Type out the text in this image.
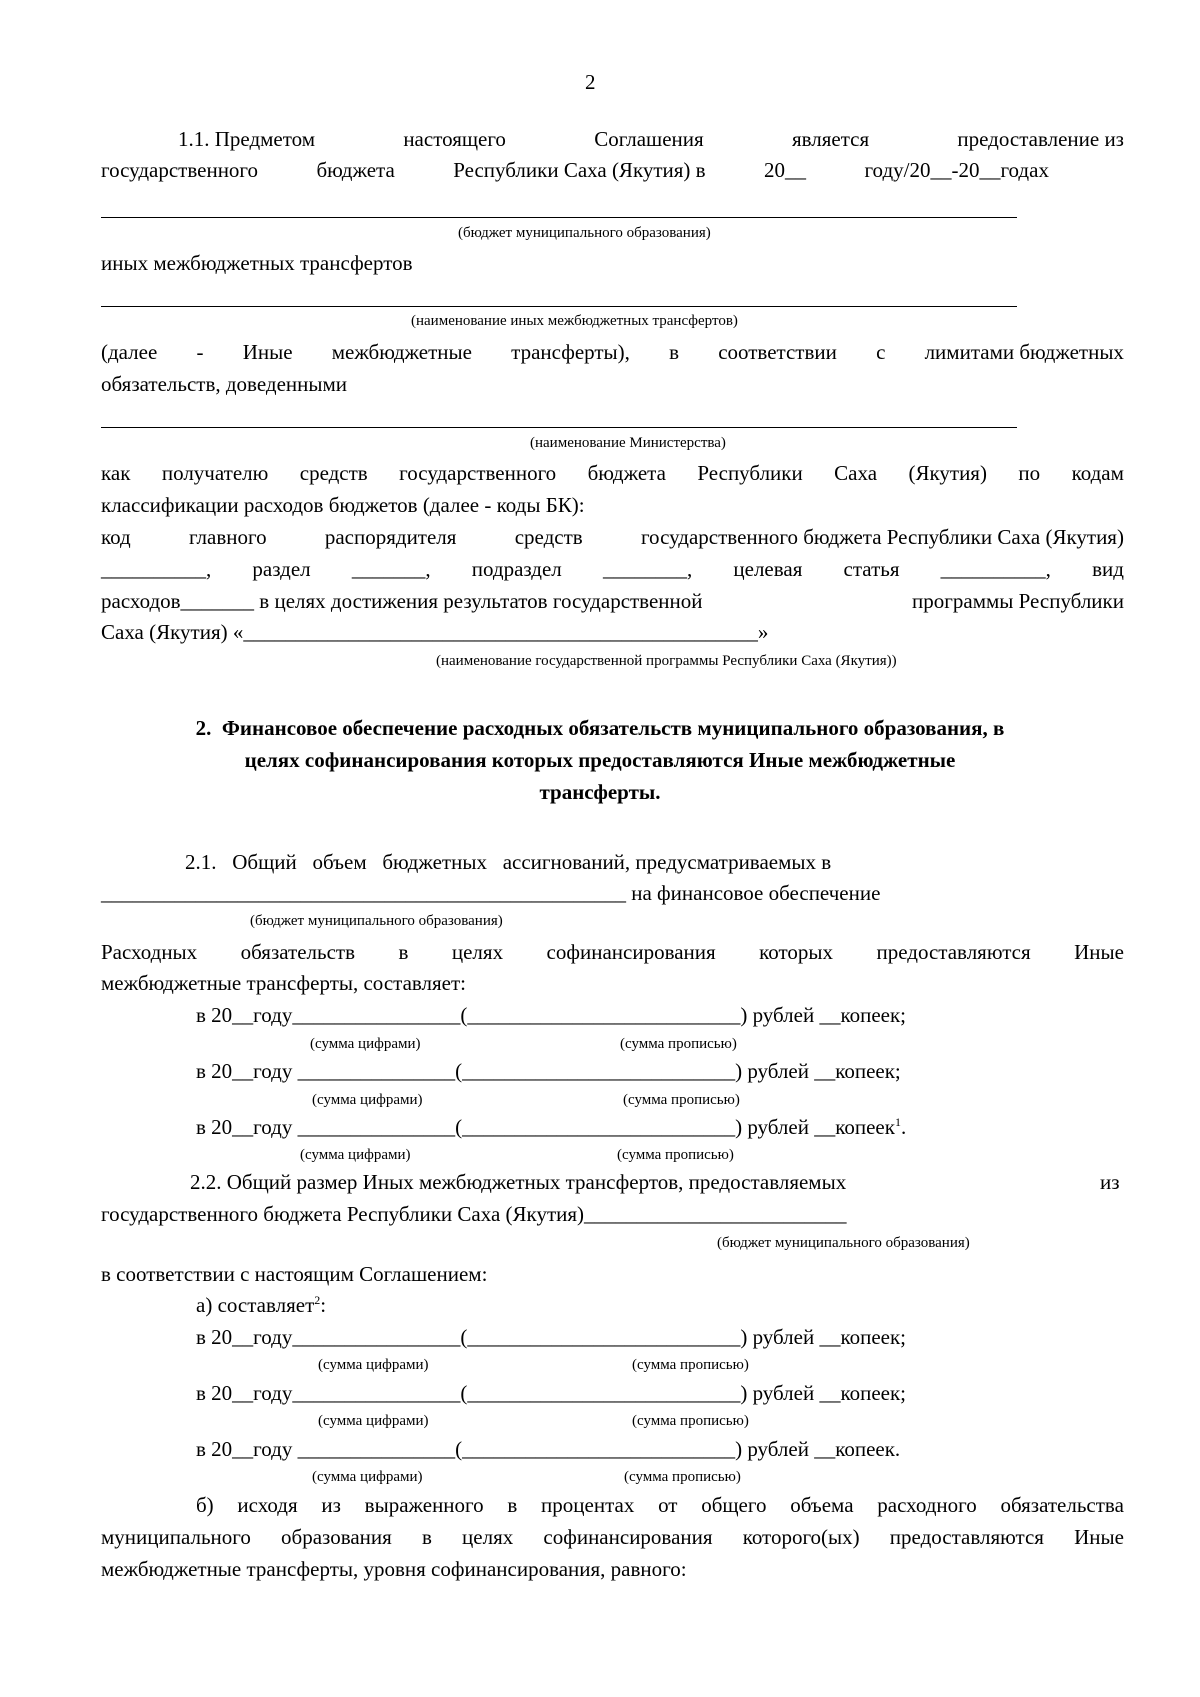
2
1.1. Предметом	настоящего	Соглашения	является	предоставление из
государственного	бюджета	Республики Саха (Якутия) в	20__	году/20__-20__годах
(бюджет муниципального образования)
иных межбюджетных трансфертов
(наименование иных межбюджетных трансфертов)
(далее - Иные межбюджетные трансферты), в соответствии с лимитами бюджетных
обязательств, доведенными
(наименование Министерства)
как получателю средств государственного бюджета Республики Саха (Якутия) по кодам
классификации расходов бюджетов (далее - коды БК):
код	главного	распорядителя	средств	государственного бюджета Республики Саха (Якутия)
__________, раздел _______, подраздел ________, целевая статья __________, вид
расходов_______ в целях достижения результатов государственной	программы Республики
Саха (Якутия) «_________________________________________________»
(наименование государственной программы Республики Саха (Якутия))
2.  Финансовое обеспечение расходных обязательств муниципального образования, в
целях софинансирования которых предоставляются Иные межбюджетные
трансферты.
2.1.   Общий   объем   бюджетных   ассигнований, предусматриваемых в
__________________________________________________ на финансовое обеспечение
(бюджет муниципального образования)
Расходных обязательств в целях софинансирования которых предоставляются Иные
межбюджетные трансферты, составляет:
в 20__году________________(__________________________) рублей __копеек;
(сумма цифрами)	(сумма прописью)
в 20__году _______________(__________________________) рублей __копеек;
(сумма цифрами)	(сумма прописью)
в 20__году _______________(__________________________) рублей __копеек$^1$.
(сумма цифрами)	(сумма прописью)
2.2. Общий размер Иных межбюджетных трансфертов, предоставляемых	из
государственного бюджета Республики Саха (Якутия)_________________________
(бюджет муниципального образования)
в соответствии с настоящим Соглашением:
а) составляет$^2$:
в 20__году________________(__________________________) рублей __копеек;
(сумма цифрами)	(сумма прописью)
в 20__году________________(__________________________) рублей __копеек;
(сумма цифрами)	(сумма прописью)
в 20__году _______________(__________________________) рублей __копеек.
(сумма цифрами)	(сумма прописью)
б) исходя из выраженного в процентах от общего объема расходного обязательства
муниципального образования в целях софинансирования которого(ых) предоставляются Иные
межбюджетные трансферты, уровня софинансирования, равного:
